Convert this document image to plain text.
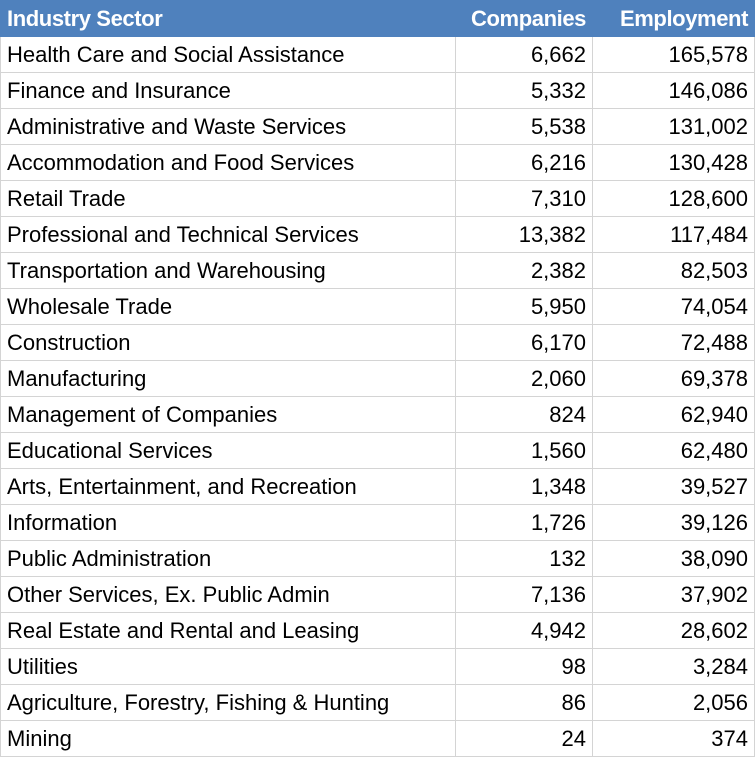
Industry Sector	Companies	Employment
Health Care and Social Assistance	6,662	165,578
Finance and Insurance	5,332	146,086
Administrative and Waste Services	5,538	131,002
Accommodation and Food Services	6,216	130,428
Retail Trade	7,310	128,600
Professional and Technical Services	13,382	117,484
Transportation and Warehousing	2,382	82,503
Wholesale Trade	5,950	74,054
Construction	6,170	72,488
Manufacturing	2,060	69,378
Management of Companies	824	62,940
Educational Services	1,560	62,480
Arts, Entertainment, and Recreation	1,348	39,527
Information	1,726	39,126
Public Administration	132	38,090
Other Services, Ex. Public Admin	7,136	37,902
Real Estate and Rental and Leasing	4,942	28,602
Utilities	98	3,284
Agriculture, Forestry, Fishing & Hunting	86	2,056
Mining	24	374
